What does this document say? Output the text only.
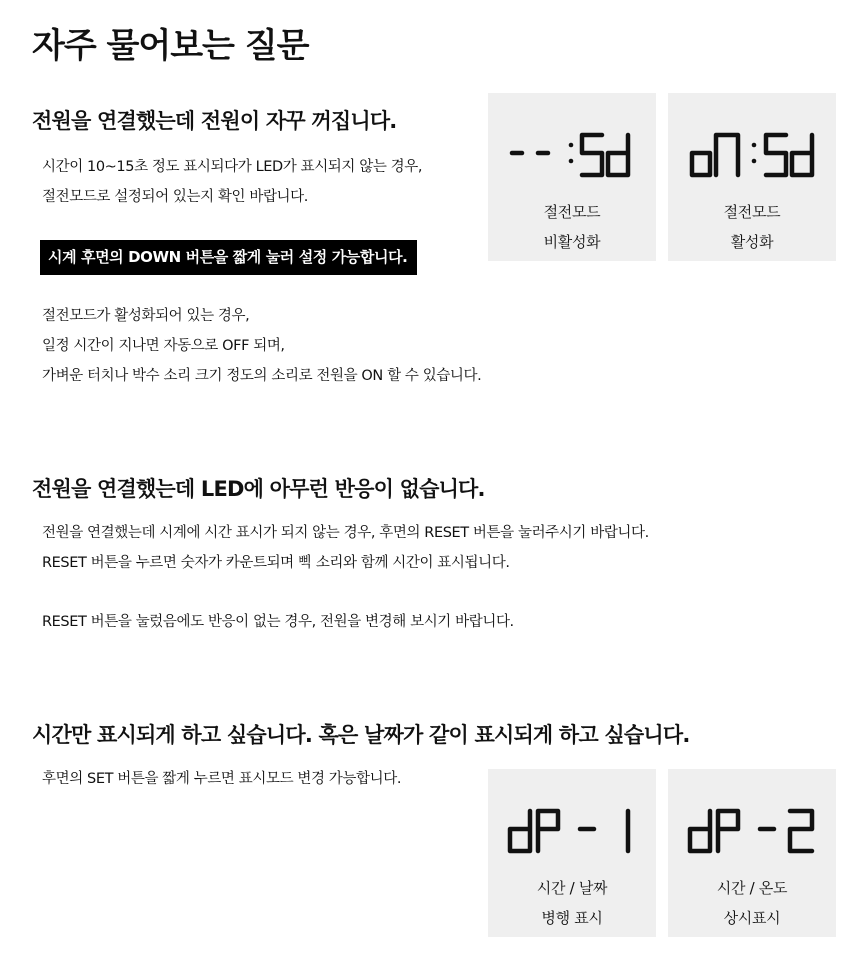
자주 물어보는 질문
전원을 연결했는데 전원이 자꾸 꺼집니다.
시간이 10~15초 정도 표시되다가 LED가 표시되지 않는 경우,
절전모드로 설정되어 있는지 확인 바랍니다.
시계 후면의 DOWN 버튼을 짧게 눌러 설정 가능합니다.
절전모드가 활성화되어 있는 경우,
일정 시간이 지나면 자동으로 OFF 되며,
가벼운 터치나 박수 소리 크기 정도의 소리로 전원을 ON 할 수 있습니다.
절전모드
비활성화
절전모드
활성화
전원을 연결했는데 LED에 아무런 반응이 없습니다.
전원을 연결했는데 시계에 시간 표시가 되지 않는 경우, 후면의 RESET 버튼을 눌러주시기 바랍니다.
RESET 버튼을 누르면 숫자가 카운트되며 삑 소리와 함께 시간이 표시됩니다.
RESET 버튼을 눌렀음에도 반응이 없는 경우, 전원을 변경해 보시기 바랍니다.
시간만 표시되게 하고 싶습니다. 혹은 날짜가 같이 표시되게 하고 싶습니다.
후면의 SET 버튼을 짧게 누르면 표시모드 변경 가능합니다.
시간 / 날짜
병행 표시
시간 / 온도
상시표시
